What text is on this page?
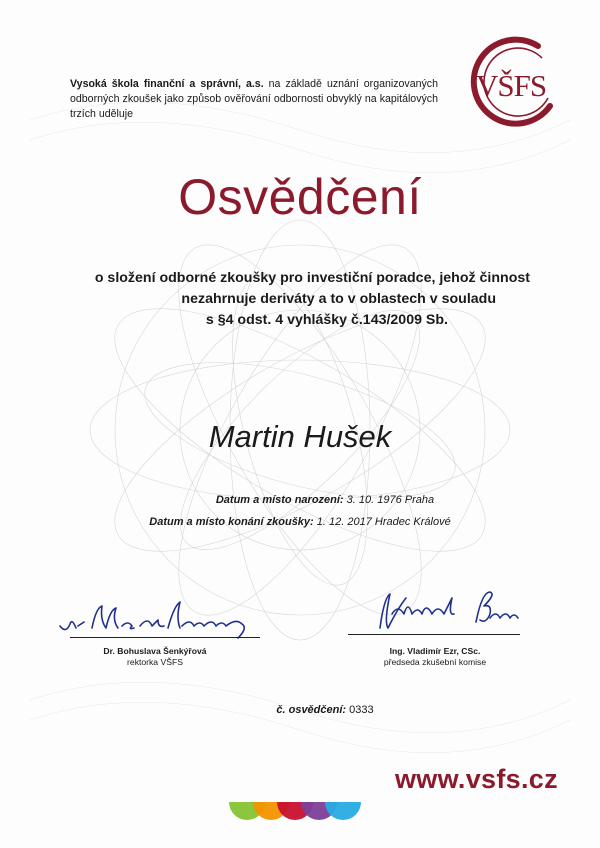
Vysoká škola finanční a správní, a.s. na základě uznání organizovaných odborných zkoušek jako způsob ověřování odbornosti obvyklý na kapitálových trzích uděluje
VŠFS
Osvědčení
o složení odborné zkoušky pro investiční poradce, jehož činnost
nezahrnuje deriváty a to v oblastech v souladu
s §4 odst. 4 vyhlášky č.143/2009 Sb.
Martin Hušek
Datum a místo narození: 3. 10. 1976 Praha
Datum a místo konání zkoušky: 1. 12. 2017 Hradec Králové
Dr. Bohuslava Šenkýřová
rektorka VŠFS
Ing. Vladimír Ezr, CSc.
předseda zkušební komise
č. osvědčení: 0333
www.vsfs.cz
